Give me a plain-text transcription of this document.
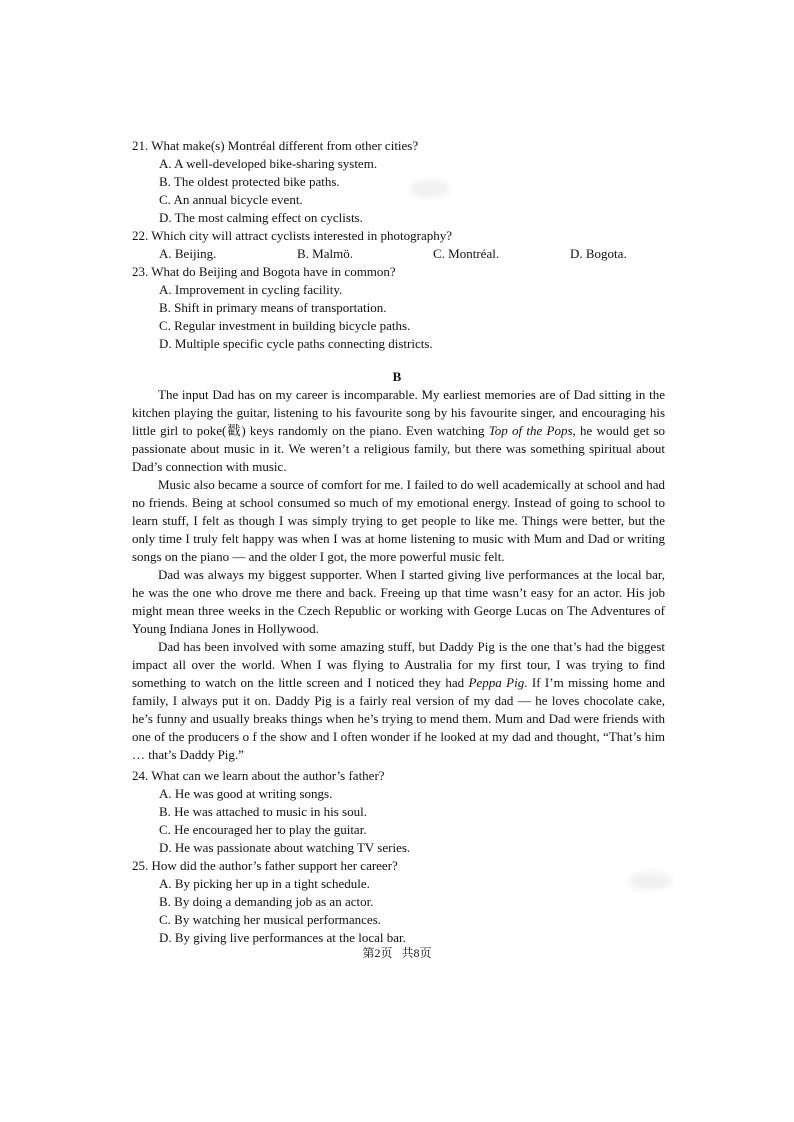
21. What make(s) Montréal different from other cities?
A. A well-developed bike-sharing system.
B. The oldest protected bike paths.
C. An annual bicycle event.
D. The most calming effect on cyclists.
22. Which city will attract cyclists interested in photography?
A. Beijing.	B. Malmö.	C. Montréal.	D. Bogota.
23. What do Beijing and Bogota have in common?
A. Improvement in cycling facility.
B. Shift in primary means of transportation.
C. Regular investment in building bicycle paths.
D. Multiple specific cycle paths connecting districts.
B

The input Dad has on my career is incomparable. My earliest memories are of Dad sitting in the kitchen playing the guitar, listening to his favourite song by his favourite singer, and encouraging his little girl to poke(戳) keys randomly on the piano. Even watching Top of the Pops, he would get so passionate about music in it. We weren’t a religious family, but there was something spiritual about Dad’s connection with music.

Music also became a source of comfort for me. I failed to do well academically at school and had no friends. Being at school consumed so much of my emotional energy. Instead of going to school to learn stuff, I felt as though I was simply trying to get people to like me. Things were better, but the only time I truly felt happy was when I was at home listening to music with Mum and Dad or writing songs on the piano — and the older I got, the more powerful music felt.

Dad was always my biggest supporter. When I started giving live performances at the local bar, he was the one who drove me there and back. Freeing up that time wasn’t easy for an actor. His job might mean three weeks in the Czech Republic or working with George Lucas on The Adventures of Young Indiana Jones in Hollywood.

Dad has been involved with some amazing stuff, but Daddy Pig is the one that’s had the biggest impact all over the world. When I was flying to Australia for my first tour, I was trying to find something to watch on the little screen and I noticed they had Peppa Pig. If I’m missing home and family, I always put it on. Daddy Pig is a fairly real version of my dad — he loves chocolate cake, he’s funny and usually breaks things when he’s trying to mend them. Mum and Dad were friends with one of the producers o f the show and I often wonder if he looked at my dad and thought, “That’s him … that’s Daddy Pig.”

24. What can we learn about the author’s father?
A. He was good at writing songs.
B. He was attached to music in his soul.
C. He encouraged her to play the guitar.
D. He was passionate about watching TV series.
25. How did the author’s father support her career?
A. By picking her up in a tight schedule.
B. By doing a demanding job as an actor.
C. By watching her musical performances.
D. By giving live performances at the local bar.
第2页   共8页
